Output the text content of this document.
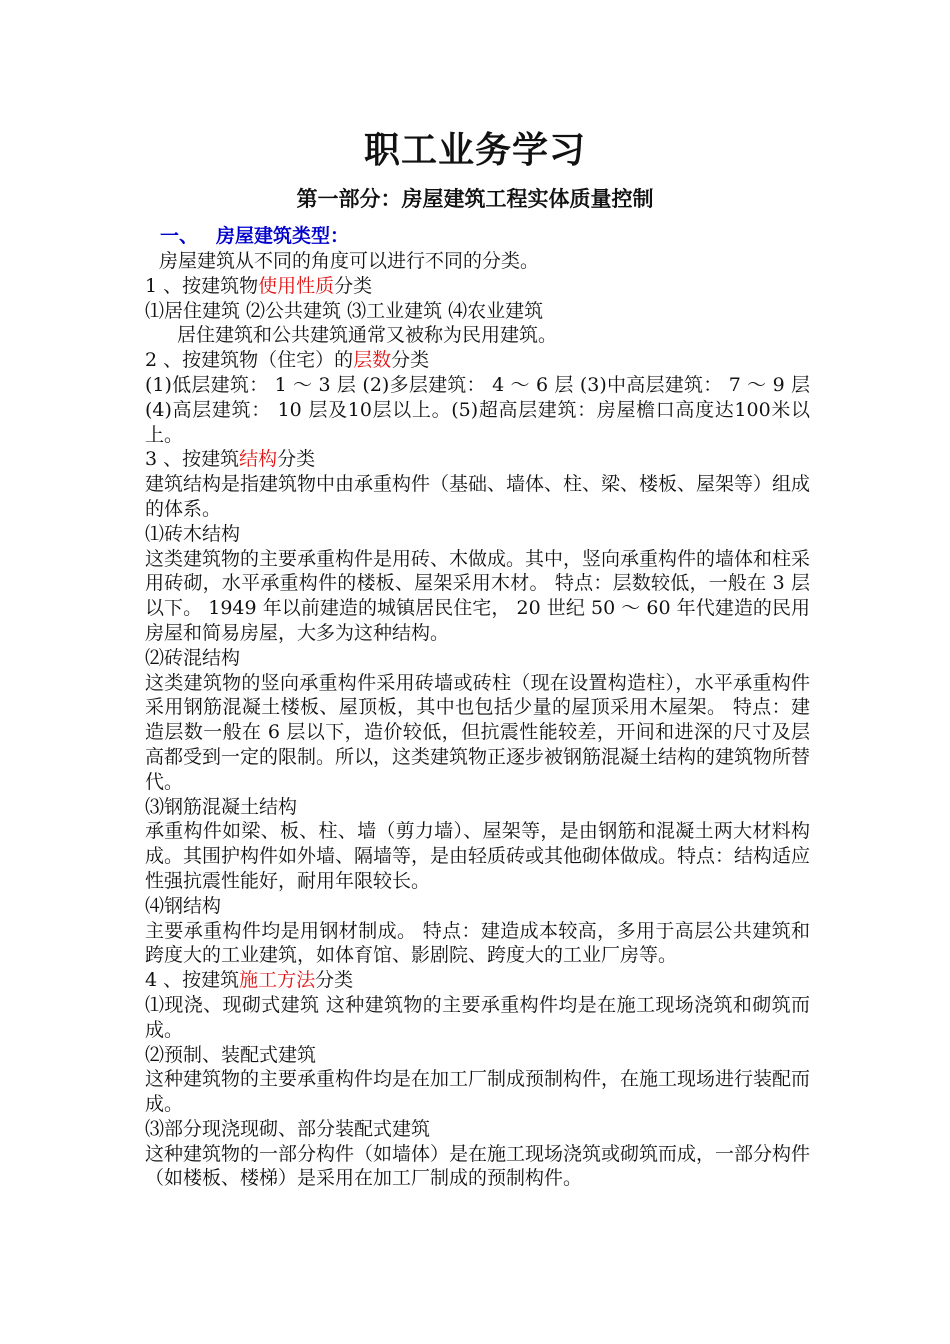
职工业务学习
第一部分：房屋建筑工程实体质量控制
一、 房屋建筑类型：

房屋建筑从不同的角度可以进行不同的分类。

1 、按建筑物使用性质分类

⑴居住建筑 ⑵公共建筑 ⑶工业建筑 ⑷农业建筑

居住建筑和公共建筑通常又被称为民用建筑。

2 、按建筑物（住宅）的层数分类

(1)低层建筑： 1 ～ 3 层 (2)多层建筑： 4 ～ 6 层 (3)中高层建筑： 7 ～ 9 层 (4)高层建筑： 10 层及10层以上。(5)超高层建筑：房屋檐口高度达100米以上。

3 、按建筑结构分类

建筑结构是指建筑物中由承重构件（基础、墙体、柱、梁、楼板、屋架等）组成的体系。

⑴砖木结构

这类建筑物的主要承重构件是用砖、木做成。其中，竖向承重构件的墙体和柱采用砖砌，水平承重构件的楼板、屋架采用木材。 特点：层数较低，一般在 3 层以下。 1949 年以前建造的城镇居民住宅， 20 世纪 50 ～ 60 年代建造的民用房屋和简易房屋，大多为这种结构。

⑵砖混结构

这类建筑物的竖向承重构件采用砖墙或砖柱（现在设置构造柱），水平承重构件采用钢筋混凝土楼板、屋顶板，其中也包括少量的屋顶采用木屋架。 特点：建造层数一般在 6 层以下，造价较低，但抗震性能较差，开间和进深的尺寸及层高都受到一定的限制。所以，这类建筑物正逐步被钢筋混凝土结构的建筑物所替代。

⑶钢筋混凝土结构

承重构件如梁、板、柱、墙（剪力墙）、屋架等，是由钢筋和混凝土两大材料构成。其围护构件如外墙、隔墙等，是由轻质砖或其他砌体做成。特点：结构适应性强抗震性能好，耐用年限较长。

⑷钢结构

主要承重构件均是用钢材制成。 特点：建造成本较高，多用于高层公共建筑和跨度大的工业建筑，如体育馆、影剧院、跨度大的工业厂房等。

4 、按建筑施工方法分类

⑴现浇、现砌式建筑 这种建筑物的主要承重构件均是在施工现场浇筑和砌筑而成。

⑵预制、装配式建筑

这种建筑物的主要承重构件均是在加工厂制成预制构件，在施工现场进行装配而成。

⑶部分现浇现砌、部分装配式建筑

这种建筑物的一部分构件（如墙体）是在施工现场浇筑或砌筑而成，一部分构件（如楼板、楼梯）是采用在加工厂制成的预制构件。
